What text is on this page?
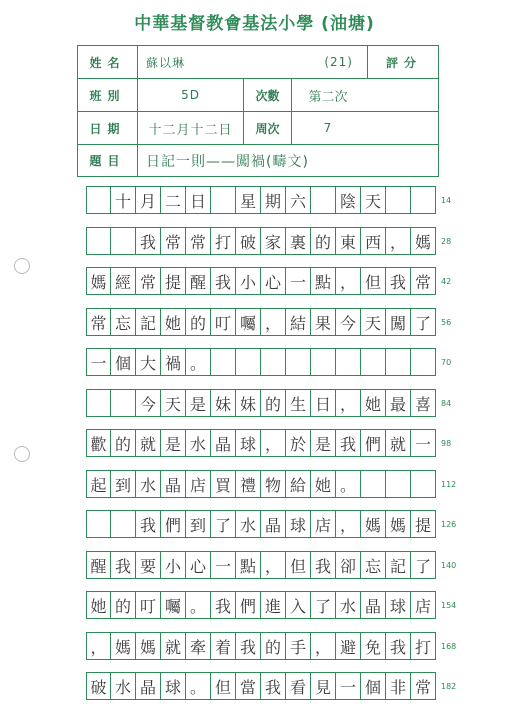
中華基督教會基法小學 (油塘)
姓名	蘇以琳	(21)	評分
班別	5D	次數	第二次
日期	十二月十二日	周次	7
題目	日記一則——闖禍(疇文)
十 月 二 日	星 期 六	陰 天	14
我 常 常 打 破 家 裏 的 東 西 ， 媽	28
媽 經 常 提 醒 我 小 心 一 點 ， 但 我 常	42
常 忘 記 她 的 叮 囑 ， 結 果 今 天 闖 了	56
一 個 大 禍 。	70
今 天 是 妹 妹 的 生 日 ， 她 最 喜	84
歡 的 就 是 水 晶 球 ， 於 是 我 們 就 一	98
起 到 水 晶 店 買 禮 物 給 她 。	112
我 們 到 了 水 晶 球 店 ， 媽 媽 提	126
醒 我 要 小 心 一 點 ， 但 我 卻 忘 記 了	140
她 的 叮 囑 。 我 們 進 入 了 水 晶 球 店	154
， 媽 媽 就 牽 着 我 的 手 ， 避 免 我 打	168
破 水 晶 球 。 但 當 我 看 見 一 個 非 常	182
